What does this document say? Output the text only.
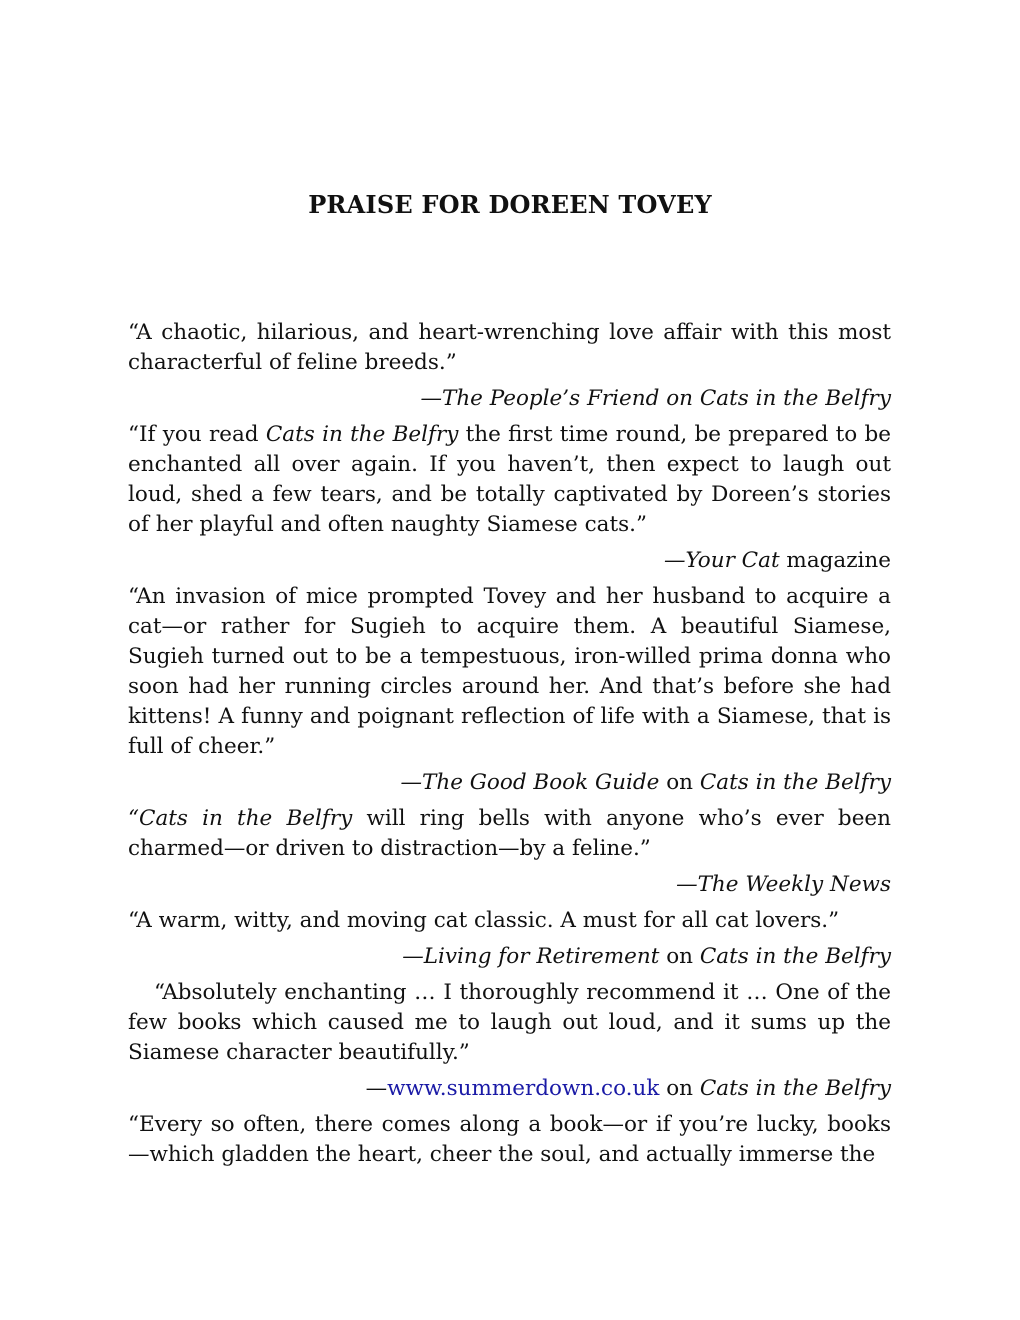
PRAISE FOR DOREEN TOVEY

“A chaotic, hilarious, and heart-wrenching love affair with this most characterful of feline breeds.”

—The People’s Friend on Cats in the Belfry

“If you read Cats in the Belfry the first time round, be prepared to be enchanted all over again. If you haven’t, then expect to laugh out loud, shed a few tears, and be totally captivated by Doreen’s stories of her playful and often naughty Siamese cats.”

—Your Cat magazine

“An invasion of mice prompted Tovey and her husband to acquire a cat—or rather for Sugieh to acquire them. A beautiful Siamese, Sugieh turned out to be a tempestuous, iron-willed prima donna who soon had her running circles around her. And that’s before she had kittens! A funny and poignant reflection of life with a Siamese, that is full of cheer.”

—The Good Book Guide on Cats in the Belfry

“Cats in the Belfry will ring bells with anyone who’s ever been charmed—or driven to distraction—by a feline.”

—The Weekly News

“A warm, witty, and moving cat classic. A must for all cat lovers.”

—Living for Retirement on Cats in the Belfry

“Absolutely enchanting … I thoroughly recommend it … One of the few books which caused me to laugh out loud, and it sums up the Siamese character beautifully.”

—www.summerdown.co.uk on Cats in the Belfry

“Every so often, there comes along a book—or if you’re lucky, books —which gladden the heart, cheer the soul, and actually immerse the
